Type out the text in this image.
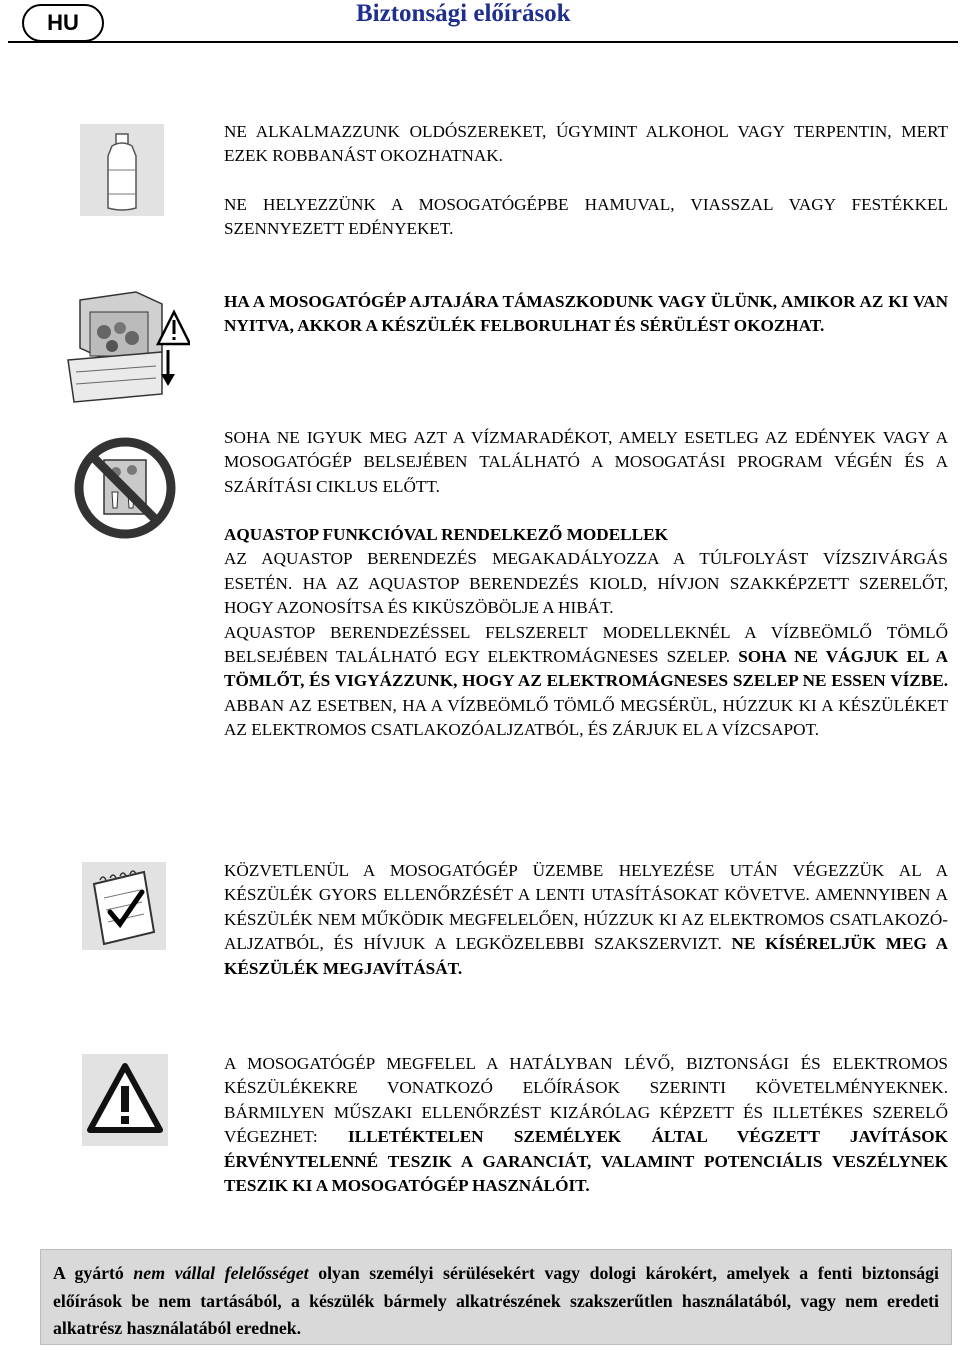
HU	Biztonsági előírások

NE ALKALMAZZUNK OLDÓSZEREKET, ÚGYMINT ALKOHOL VAGY TERPENTIN, MERT EZEK ROBBANÁST OKOZHATNAK.

NE HELYEZZÜNK A MOSOGATÓGÉPBE HAMUVAL, VIASSZAL VAGY FESTÉKKEL SZENNYEZETT EDÉNYEKET.

HA A MOSOGATÓGÉP AJTAJÁRA TÁMASZKODUNK VAGY ÜLÜNK, AMIKOR AZ KI VAN NYITVA, AKKOR A KÉSZÜLÉK FELBORULHAT ÉS SÉRÜLÉST OKOZHAT.

SOHA NE IGYUK MEG AZT A VÍZMARADÉKOT, AMELY ESETLEG AZ EDÉNYEK VAGY A MOSOGATÓGÉP BELSEJÉBEN TALÁLHATÓ A MOSOGATÁSI PROGRAM VÉGÉN ÉS A SZÁRÍTÁSI CIKLUS ELŐTT.

AQUASTOP FUNKCIÓVAL RENDELKEZŐ MODELLEK

AZ AQUASTOP BERENDEZÉS MEGAKADÁLYOZZA A TÚLFOLYÁST VÍZSZIVÁRGÁS ESETÉN. HA AZ AQUASTOP BERENDEZÉS KIOLD, HÍVJON SZAKKÉPZETT SZERELŐT, HOGY AZONOSÍTSA ÉS KIKÜSZÖBÖLJE A HIBÁT.

AQUASTOP BERENDEZÉSSEL FELSZERELT MODELLEKNÉL A VÍZBEÖMLŐ TÖMLŐ BELSEJÉBEN TALÁLHATÓ EGY ELEKTROMÁGNESES SZELEP. SOHA NE VÁGJUK EL A TÖMLŐT, ÉS VIGYÁZZUNK, HOGY AZ ELEKTROMÁGNESES SZELEP NE ESSEN VÍZBE. ABBAN AZ ESETBEN, HA A VÍZBEÖMLŐ TÖMLŐ MEGSÉRÜL, HÚZZUK KI A KÉSZÜLÉKET AZ ELEKTROMOS CSATLAKOZÓALJZATBÓL, ÉS ZÁRJUK EL A VÍZCSAPOT.

KÖZVETLENÜL A MOSOGATÓGÉP ÜZEMBE HELYEZÉSE UTÁN VÉGEZZÜK AL A KÉSZÜLÉK GYORS ELLENŐRZÉSÉT A LENTI UTASÍTÁSOKAT KÖVETVE. AMENNYIBEN A KÉSZÜLÉK NEM MŰKÖDIK MEGFELELŐEN, HÚZZUK KI AZ ELEKTROMOS CSATLAKOZÓ-ALJZATBÓL, ÉS HÍVJUK A LEGKÖZELEBBI SZAKSZERVIZT. NE KÍSÉRELJÜK MEG A KÉSZÜLÉK MEGJAVÍTÁSÁT.

A MOSOGATÓGÉP MEGFELEL A HATÁLYBAN LÉVŐ, BIZTONSÁGI ÉS ELEKTROMOS KÉSZÜLÉKEKRE VONATKOZÓ ELŐÍRÁSOK SZERINTI KÖVETELMÉNYEKNEK. BÁRMILYEN MŰSZAKI ELLENŐRZÉST KIZÁRÓLAG KÉPZETT ÉS ILLETÉKES SZERELŐ VÉGEZHET: ILLETÉKTELEN SZEMÉLYEK ÁLTAL VÉGZETT JAVÍTÁSOK ÉRVÉNYTELENNÉ TESZIK A GARANCIÁT, VALAMINT POTENCIÁLIS VESZÉLYNEK TESZIK KI A MOSOGATÓGÉP HASZNÁLÓIT.

A gyártó nem vállal felelősséget olyan személyi sérülésekért vagy dologi károkért, amelyek a fenti biztonsági előírások be nem tartásából, a készülék bármely alkatrészének szakszerűtlen használatából, vagy nem eredeti alkatrész használatából erednek.
